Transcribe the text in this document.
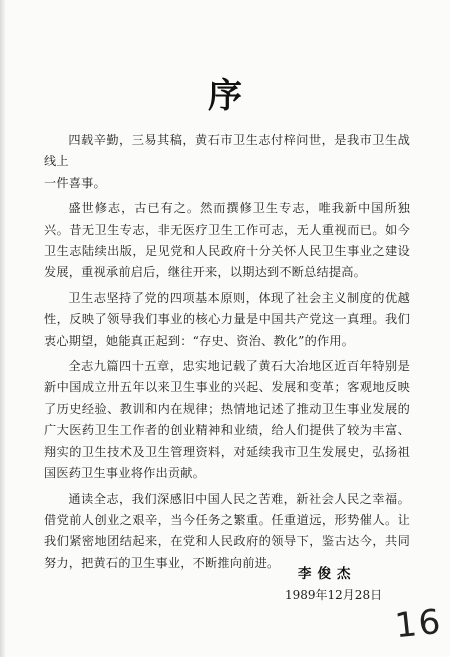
序

四载辛勤，三易其稿，黄石市卫生志付梓问世，是我市卫生战线上

一件喜事。

盛世修志，古已有之。然而撰修卫生专志，唯我新中国所独兴。昔无卫生专志，非无医疗卫生工作可志，无人重视而已。如今卫生志陆续出版，足见党和人民政府十分关怀人民卫生事业之建设发展，重视承前启后，继往开来，以期达到不断总结提高。

卫生志坚持了党的四项基本原则，体现了社会主义制度的优越性，反映了领导我们事业的核心力量是中国共产党这一真理。我们衷心期望，她能真正起到：“存史、资治、教化”的作用。

全志九篇四十五章，忠实地记载了黄石大冶地区近百年特别是新中国成立卅五年以来卫生事业的兴起、发展和变革；客观地反映了历史经验、教训和内在规律；热情地记述了推动卫生事业发展的广大医药卫生工作者的创业精神和业绩，给人们提供了较为丰富、翔实的卫生技术及卫生管理资料，对延续我市卫生发展史，弘扬祖国医药卫生事业将作出贡献。

通读全志，我们深感旧中国人民之苦难，新社会人民之幸福。借党前人创业之艰辛，当今任务之繁重。任重道远，形势催人。让我们紧密地团结起来，在党和人民政府的领导下，鉴古达今，共同努力，把黄石的卫生事业，不断推向前进。

李俊杰
1989年12月28日
16
